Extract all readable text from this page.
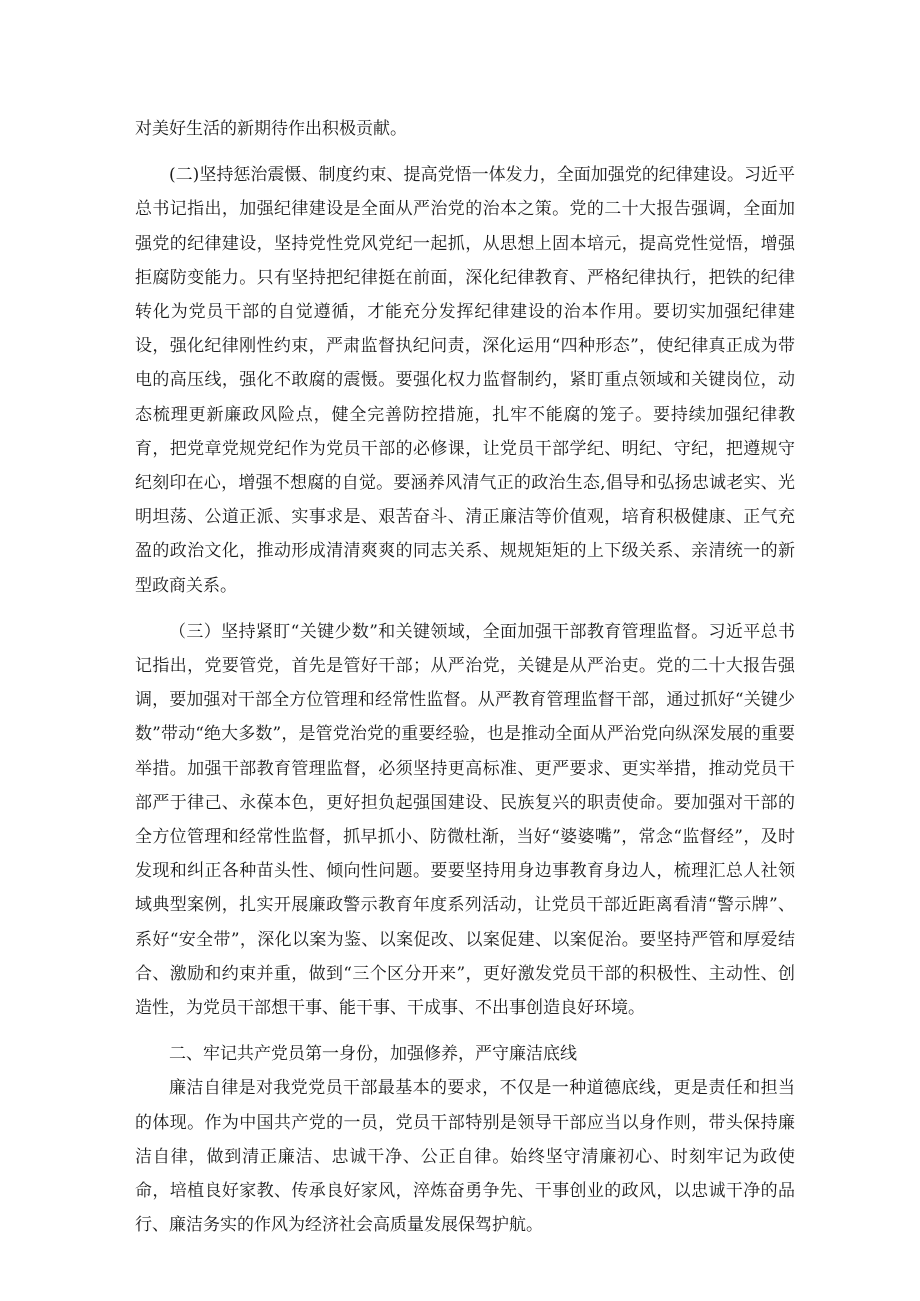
对美好生活的新期待作出积极贡献。

(二)坚持惩治震慑、制度约束、提高党悟一体发力，全面加强党的纪律建设。习近平总书记指出，加强纪律建设是全面从严治党的治本之策。党的二十大报告强调，全面加强党的纪律建设，坚持党性党风党纪一起抓，从思想上固本培元，提高党性觉悟，增强拒腐防变能力。只有坚持把纪律挺在前面，深化纪律教育、严格纪律执行，把铁的纪律转化为党员干部的自觉遵循，才能充分发挥纪律建设的治本作用。要切实加强纪律建设，强化纪律刚性约束，严肃监督执纪问责，深化运用“四种形态”，使纪律真正成为带电的高压线，强化不敢腐的震慑。要强化权力监督制约，紧盯重点领域和关键岗位，动态梳理更新廉政风险点，健全完善防控措施，扎牢不能腐的笼子。要持续加强纪律教育，把党章党规党纪作为党员干部的必修课，让党员干部学纪、明纪、守纪，把遵规守纪刻印在心，增强不想腐的自觉。要涵养风清气正的政治生态,倡导和弘扬忠诚老实、光明坦荡、公道正派、实事求是、艰苦奋斗、清正廉洁等价值观，培育积极健康、正气充盈的政治文化，推动形成清清爽爽的同志关系、规规矩矩的上下级关系、亲清统一的新型政商关系。

（三）坚持紧盯“关键少数”和关键领域，全面加强干部教育管理监督。习近平总书记指出，党要管党，首先是管好干部；从严治党，关键是从严治吏。党的二十大报告强调，要加强对干部全方位管理和经常性监督。从严教育管理监督干部，通过抓好“关键少数”带动“绝大多数”，是管党治党的重要经验，也是推动全面从严治党向纵深发展的重要举措。加强干部教育管理监督，必须坚持更高标准、更严要求、更实举措，推动党员干部严于律己、永葆本色，更好担负起强国建设、民族复兴的职责使命。要加强对干部的全方位管理和经常性监督，抓早抓小、防微杜渐，当好“婆婆嘴”，常念“监督经”，及时发现和纠正各种苗头性、倾向性问题。要要坚持用身边事教育身边人，梳理汇总人社领域典型案例，扎实开展廉政警示教育年度系列活动，让党员干部近距离看清“警示牌”、系好“安全带”，深化以案为鉴、以案促改、以案促建、以案促治。要坚持严管和厚爱结合、激励和约束并重，做到“三个区分开来”，更好激发党员干部的积极性、主动性、创造性，为党员干部想干事、能干事、干成事、不出事创造良好环境。

二、牢记共产党员第一身份，加强修养，严守廉洁底线

廉洁自律是对我党党员干部最基本的要求，不仅是一种道德底线，更是责任和担当的体现。作为中国共产党的一员，党员干部特别是领导干部应当以身作则，带头保持廉洁自律，做到清正廉洁、忠诚干净、公正自律。始终坚守清廉初心、时刻牢记为政使命，培植良好家教、传承良好家风，淬炼奋勇争先、干事创业的政风，以忠诚干净的品行、廉洁务实的作风为经济社会高质量发展保驾护航。
